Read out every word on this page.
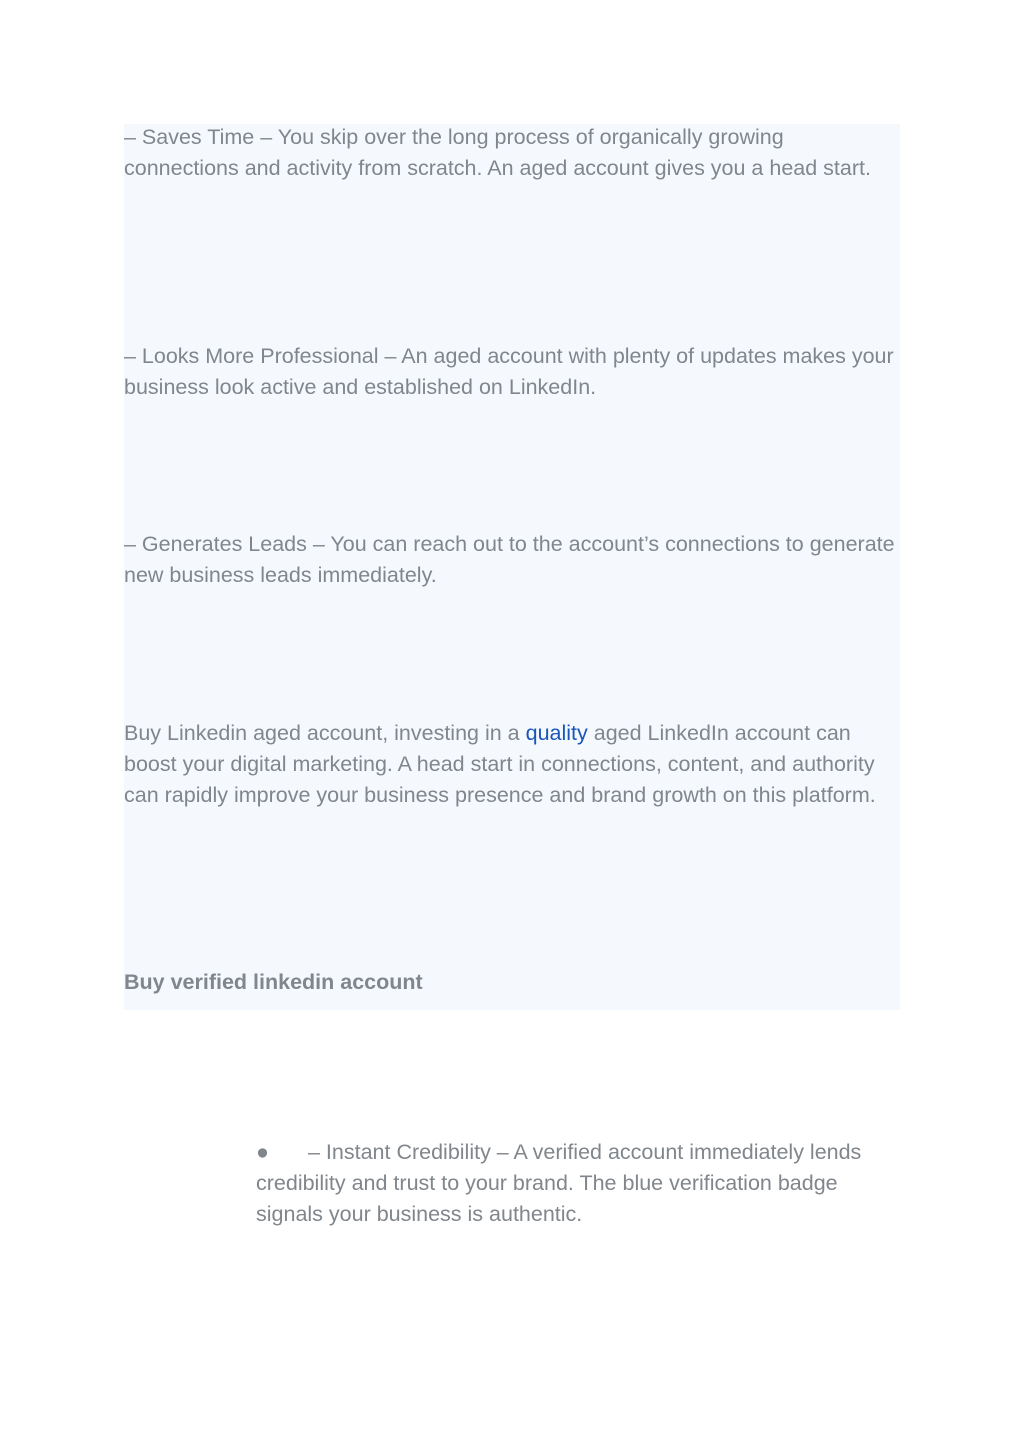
– Saves Time – You skip over the long process of organically growing connections and activity from scratch. An aged account gives you a head start.

– Looks More Professional – An aged account with plenty of updates makes your business look active and established on LinkedIn.

– Generates Leads – You can reach out to the account’s connections to generate new business leads immediately.

Buy Linkedin aged account, investing in a quality aged LinkedIn account can boost your digital marketing. A head start in connections, content, and authority can rapidly improve your business presence and brand growth on this platform.

Buy verified linkedin account

● – Instant Credibility – A verified account immediately lends credibility and trust to your brand. The blue verification badge signals your business is authentic.
